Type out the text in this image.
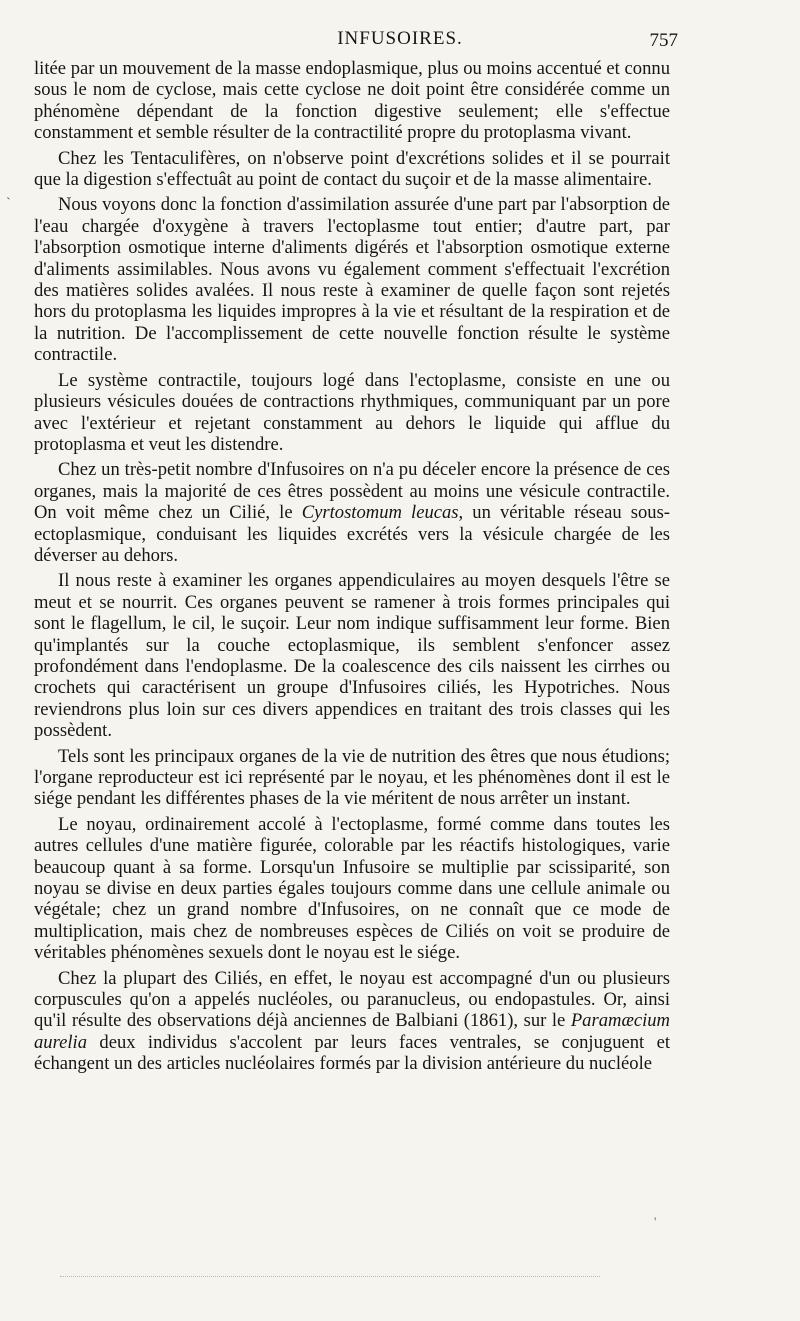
INFUSOIRES.	757

litée par un mouvement de la masse endoplasmique, plus ou moins accentué et connu sous le nom de cyclose, mais cette cyclose ne doit point être considérée comme un phénomène dépendant de la fonction digestive seulement; elle s'effectue constamment et semble résulter de la contractilité propre du protoplasma vivant.

Chez les Tentaculifères, on n'observe point d'excrétions solides et il se pourrait que la digestion s'effectuât au point de contact du suçoir et de la masse alimentaire.

Nous voyons donc la fonction d'assimilation assurée d'une part par l'absorption de l'eau chargée d'oxygène à travers l'ectoplasme tout entier; d'autre part, par l'absorption osmotique interne d'aliments digérés et l'absorption osmotique externe d'aliments assimilables. Nous avons vu également comment s'effectuait l'excrétion des matières solides avalées. Il nous reste à examiner de quelle façon sont rejetés hors du protoplasma les liquides impropres à la vie et résultant de la respiration et de la nutrition. De l'accomplissement de cette nouvelle fonction résulte le système contractile.

Le système contractile, toujours logé dans l'ectoplasme, consiste en une ou plusieurs vésicules douées de contractions rhythmiques, communiquant par un pore avec l'extérieur et rejetant constamment au dehors le liquide qui afflue du protoplasma et veut les distendre.

Chez un très-petit nombre d'Infusoires on n'a pu déceler encore la présence de ces organes, mais la majorité de ces êtres possèdent au moins une vésicule contractile. On voit même chez un Cilié, le Cyrtostomum leucas, un véritable réseau sous-ectoplasmique, conduisant les liquides excrétés vers la vésicule chargée de les déverser au dehors.

Il nous reste à examiner les organes appendiculaires au moyen desquels l'être se meut et se nourrit. Ces organes peuvent se ramener à trois formes principales qui sont le flagellum, le cil, le suçoir. Leur nom indique suffisamment leur forme. Bien qu'implantés sur la couche ectoplasmique, ils semblent s'enfoncer assez profondément dans l'endoplasme. De la coalescence des cils naissent les cirrhes ou crochets qui caractérisent un groupe d'Infusoires ciliés, les Hypotriches. Nous reviendrons plus loin sur ces divers appendices en traitant des trois classes qui les possèdent.

Tels sont les principaux organes de la vie de nutrition des êtres que nous étudions; l'organe reproducteur est ici représenté par le noyau, et les phénomènes dont il est le siége pendant les différentes phases de la vie méritent de nous arrêter un instant.

Le noyau, ordinairement accolé à l'ectoplasme, formé comme dans toutes les autres cellules d'une matière figurée, colorable par les réactifs histologiques, varie beaucoup quant à sa forme. Lorsqu'un Infusoire se multiplie par scissiparité, son noyau se divise en deux parties égales toujours comme dans une cellule animale ou végétale; chez un grand nombre d'Infusoires, on ne connaît que ce mode de multiplication, mais chez de nombreuses espèces de Ciliés on voit se produire de véritables phénomènes sexuels dont le noyau est le siége.

Chez la plupart des Ciliés, en effet, le noyau est accompagné d'un ou plusieurs corpuscules qu'on a appelés nucléoles, ou paranucleus, ou endopastules. Or, ainsi qu'il résulte des observations déjà anciennes de Balbiani (1861), sur le Paramæcium aurelia deux individus s'accolent par leurs faces ventrales, se conjuguent et échangent un des articles nucléolaires formés par la division antérieure du nucléole

`
'
